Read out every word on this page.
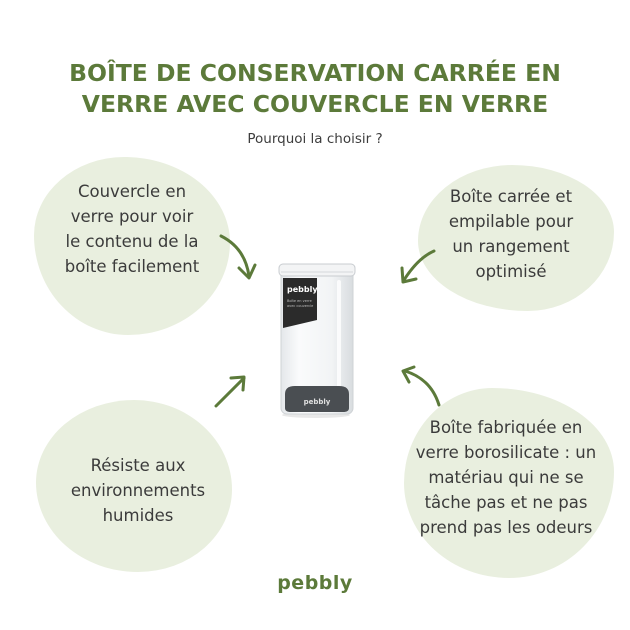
BOÎTE DE CONSERVATION CARRÉE EN
VERRE AVEC COUVERCLE EN VERRE
Pourquoi la choisir ?
Couvercle en
verre pour voir
le contenu de la
boîte facilement
Boîte carrée et
empilable pour
un rangement
optimisé
Résiste aux
environnements
humides
Boîte fabriquée en
verre borosilicate : un
matériau qui ne se
tâche pas et ne pas
prend pas les odeurs
pebbly
Boîte en verre
avec couvercle
pebbly
pebbly
